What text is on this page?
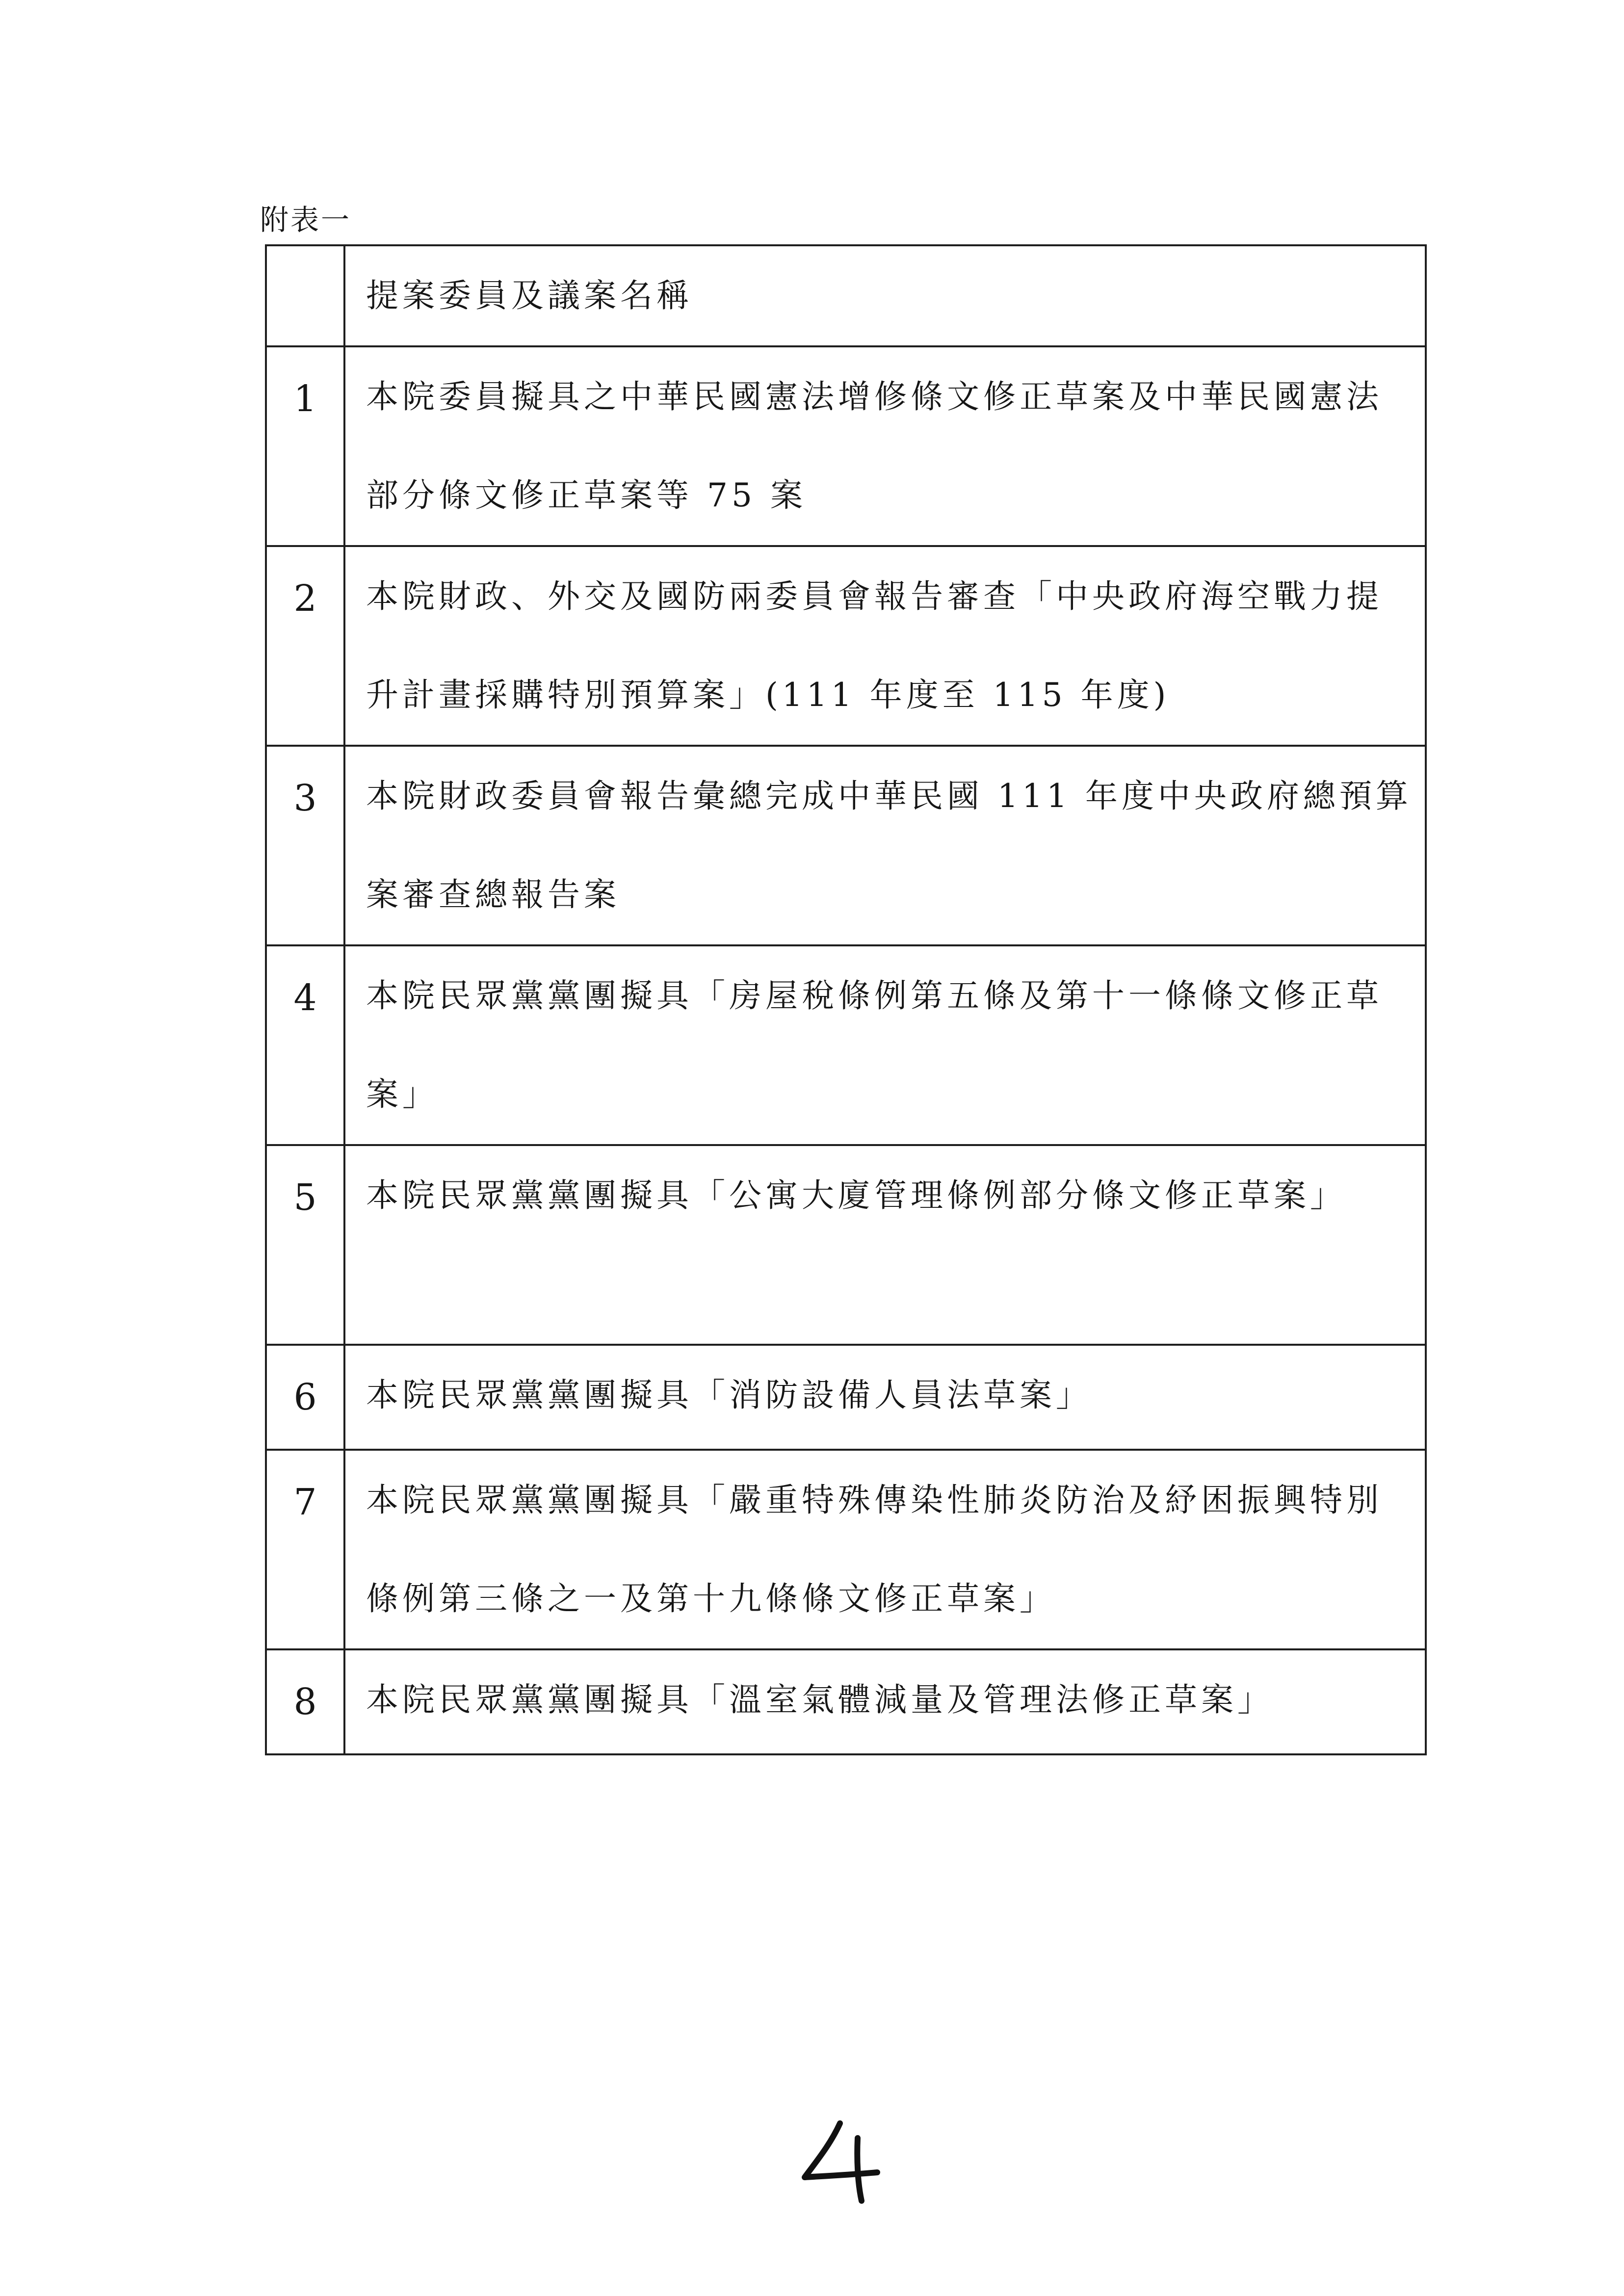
附表一
	提案委員及議案名稱
1	本院委員擬具之中華民國憲法增修條文修正草案及中華民國憲法部分條文修正草案等 75 案
2	本院財政、外交及國防兩委員會報告審查「中央政府海空戰力提升計畫採購特別預算案」(111 年度至 115 年度)
3	本院財政委員會報告彙總完成中華民國 111 年度中央政府總預算案審查總報告案
4	本院民眾黨黨團擬具「房屋稅條例第五條及第十一條條文修正草案」
5	本院民眾黨黨團擬具「公寓大廈管理條例部分條文修正草案」
6	本院民眾黨黨團擬具「消防設備人員法草案」
7	本院民眾黨黨團擬具「嚴重特殊傳染性肺炎防治及紓困振興特別條例第三條之一及第十九條條文修正草案」
8	本院民眾黨黨團擬具「溫室氣體減量及管理法修正草案」
